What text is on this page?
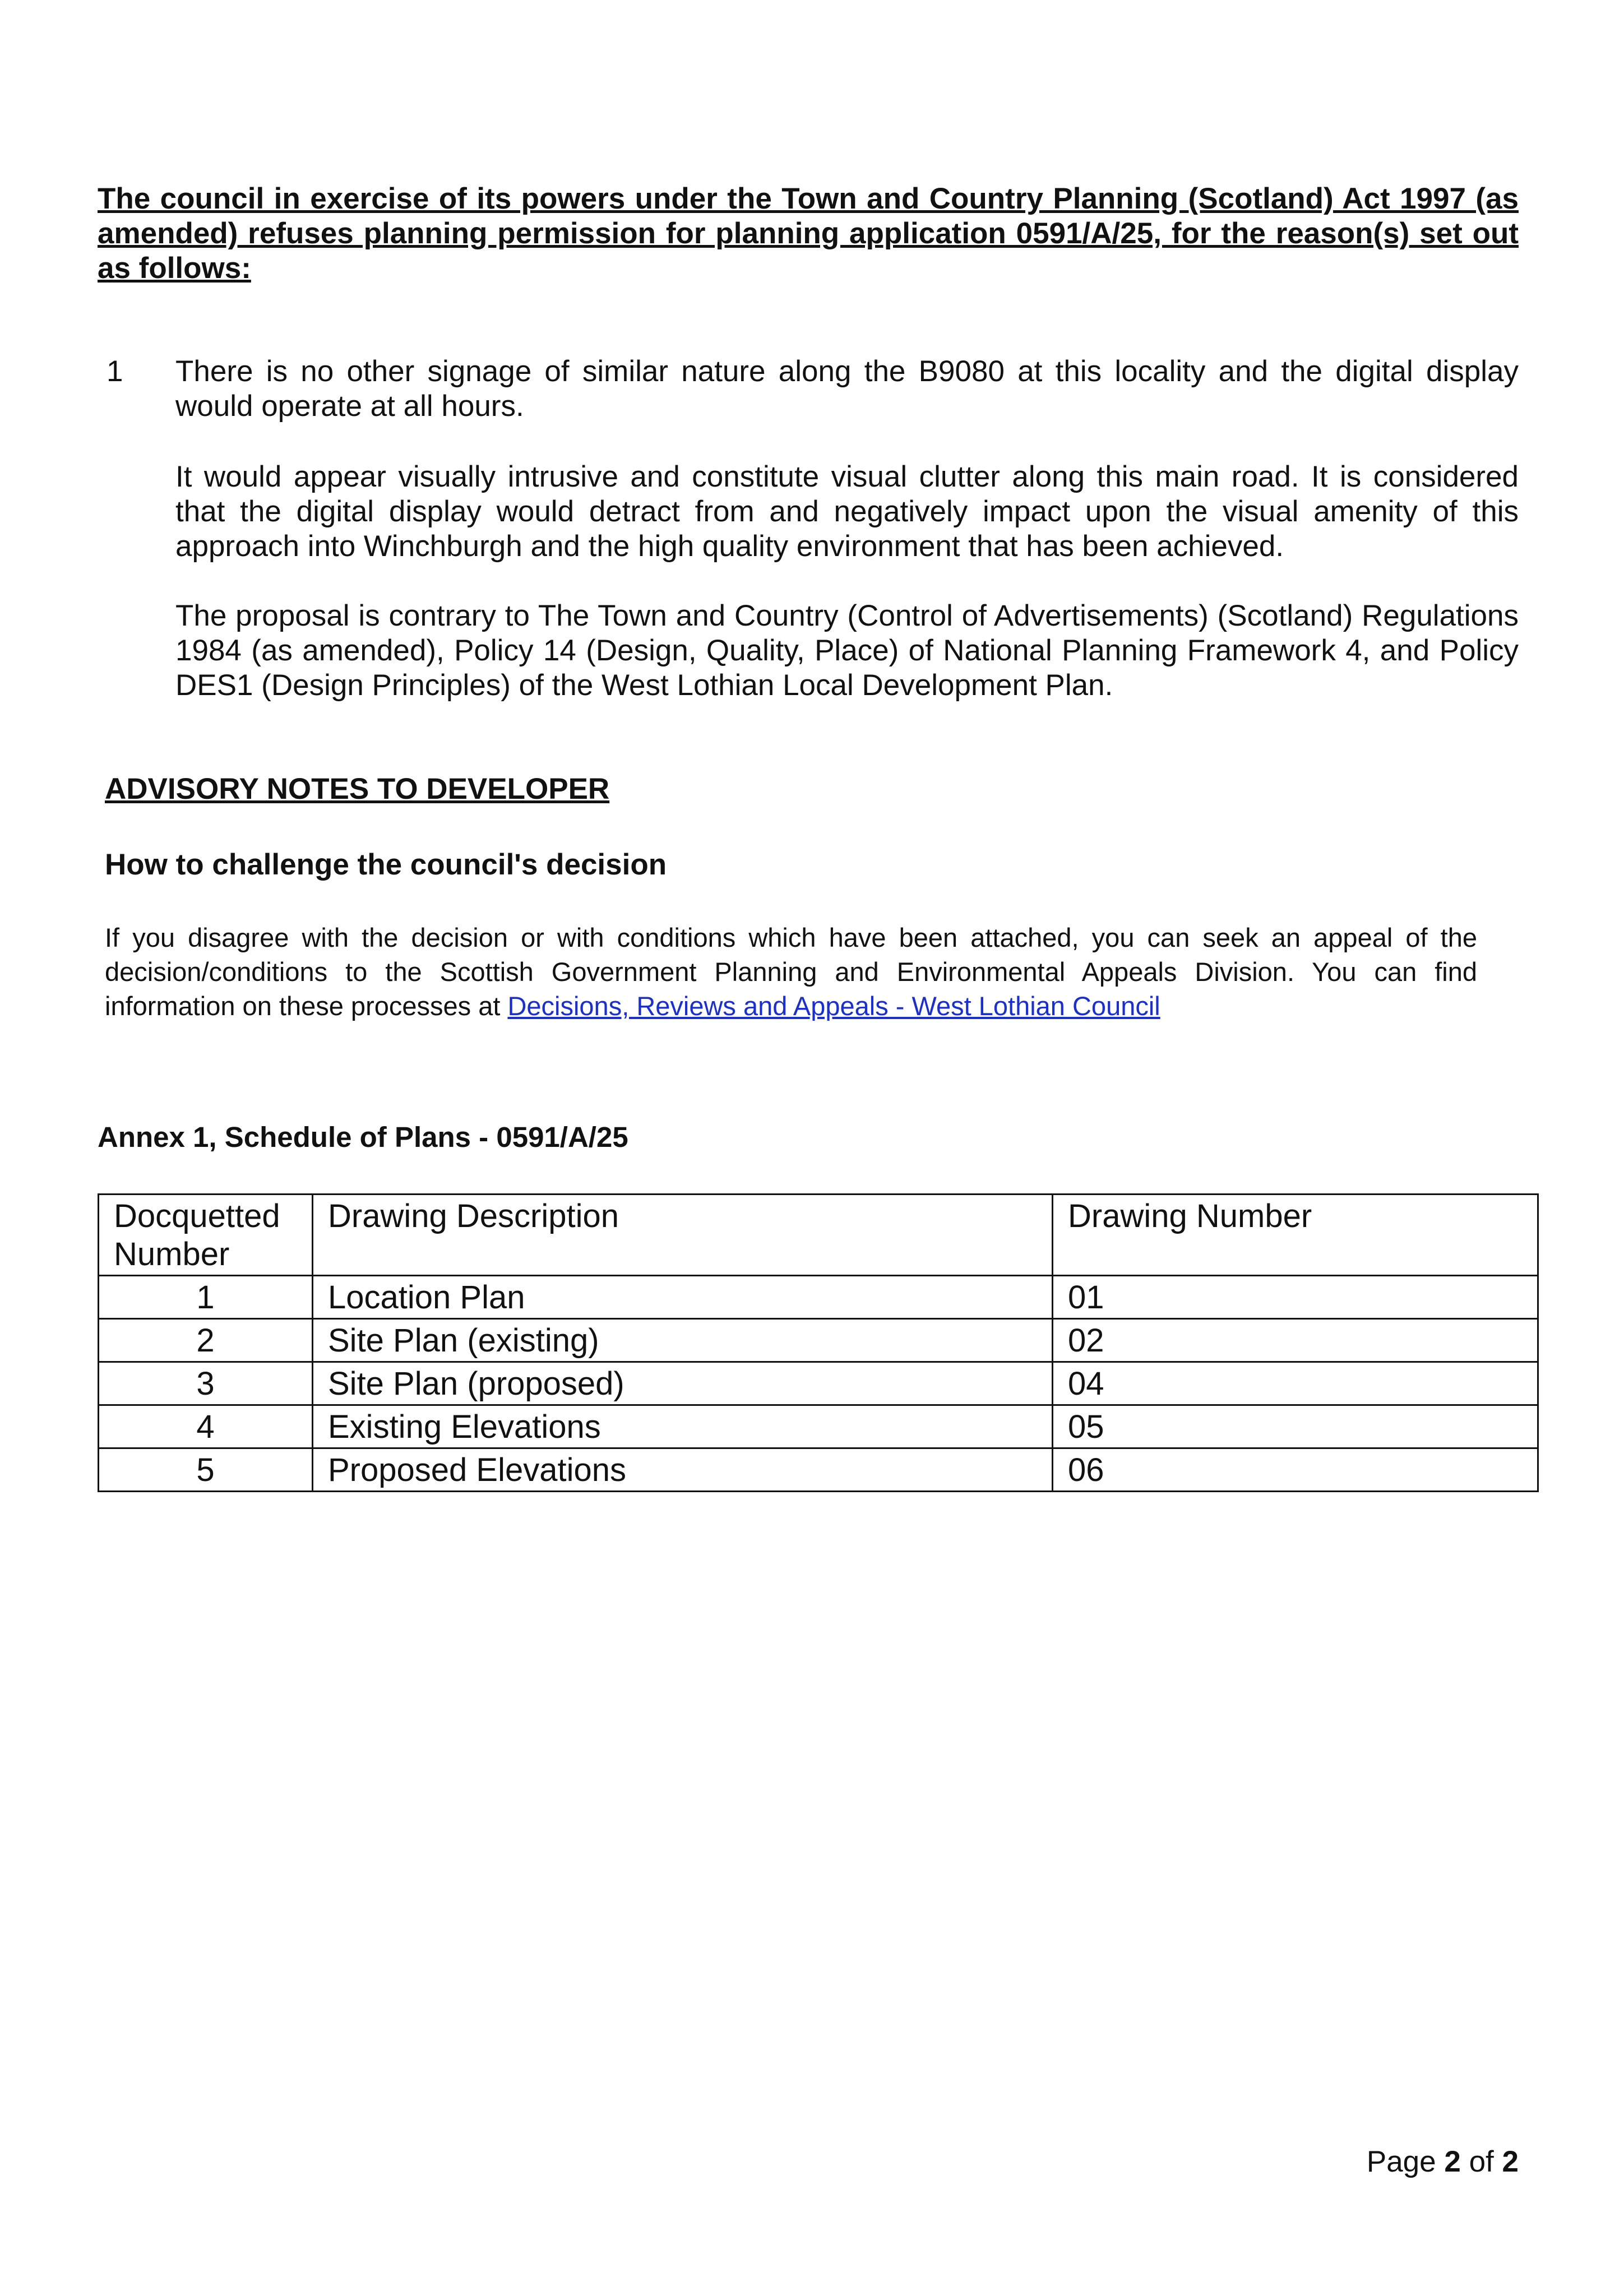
The council in exercise of its powers under the Town and Country Planning (Scotland) Act 1997 (as amended) refuses planning permission for planning application 0591/A/25, for the reason(s) set out as follows:

1 There is no other signage of similar nature along the B9080 at this locality and the digital display would operate at all hours.

It would appear visually intrusive and constitute visual clutter along this main road. It is considered that the digital display would detract from and negatively impact upon the visual amenity of this approach into Winchburgh and the high quality environment that has been achieved.

The proposal is contrary to The Town and Country (Control of Advertisements) (Scotland) Regulations 1984 (as amended), Policy 14 (Design, Quality, Place) of National Planning Framework 4, and Policy DES1 (Design Principles) of the West Lothian Local Development Plan.

ADVISORY NOTES TO DEVELOPER
How to challenge the council's decision

If you disagree with the decision or with conditions which have been attached, you can seek an appeal of the decision/conditions to the Scottish Government Planning and Environmental Appeals Division. You can find information on these processes at Decisions, Reviews and Appeals - West Lothian Council

Annex 1, Schedule of Plans - 0591/A/25
Docquetted Number	Drawing Description	Drawing Number
1	Location Plan	01
2	Site Plan (existing)	02
3	Site Plan (proposed)	04
4	Existing Elevations	05
5	Proposed Elevations	06
Page 2 of 2
